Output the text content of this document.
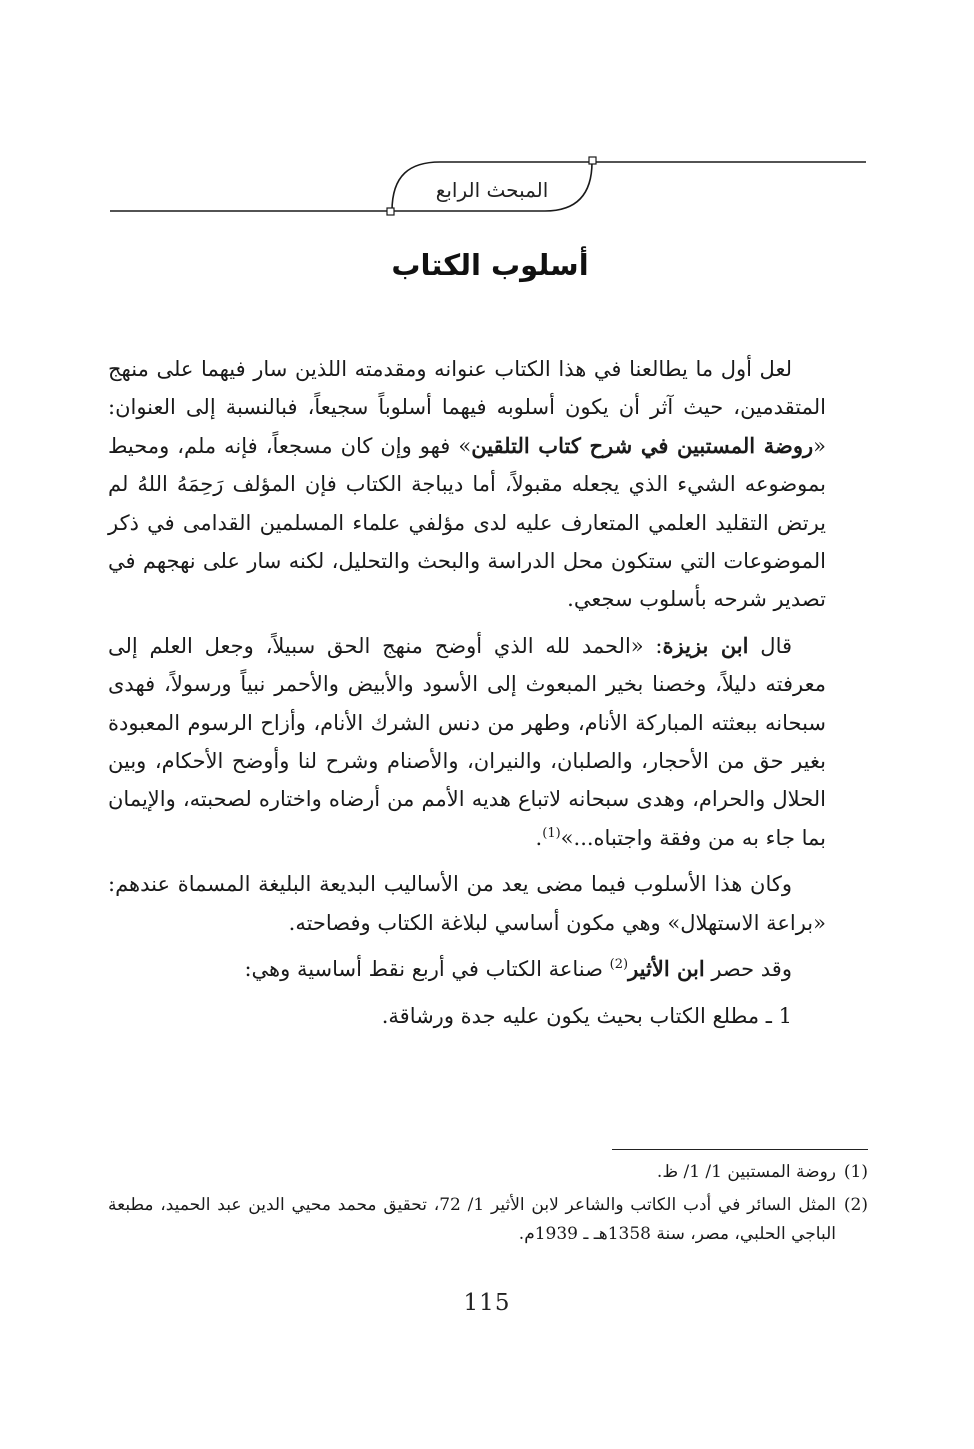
المبحث الرابع
أسلوب الكتاب

لعل أول ما يطالعنا في هذا الكتاب عنوانه ومقدمته اللذين سار فيهما على منهج المتقدمين، حيث آثر أن يكون أسلوبه فيهما أسلوباً سجيعاً، فبالنسبة إلى العنوان: «روضة المستبين في شرح كتاب التلقين» فهو وإن كان مسجعاً، فإنه ملم، ومحيط بموضوعه الشيء الذي يجعله مقبولاً، أما ديباجة الكتاب فإن المؤلف رَحِمَهُ اللهُ لم يرتض التقليد العلمي المتعارف عليه لدى مؤلفي علماء المسلمين القدامى في ذكر الموضوعات التي ستكون محل الدراسة والبحث والتحليل، لكنه سار على نهجهم في تصدير شرحه بأسلوب سجعي.

قال ابن بزيزة: «الحمد لله الذي أوضح منهج الحق سبيلاً، وجعل العلم إلى معرفته دليلاً، وخصنا بخير المبعوث إلى الأسود والأبيض والأحمر نبياً ورسولاً، فهدى سبحانه ببعثته المباركة الأنام، وطهر من دنس الشرك الأنام، وأزاح الرسوم المعبودة بغير حق من الأحجار، والصلبان، والنيران، والأصنام وشرح لنا وأوضح الأحكام، وبين الحلال والحرام، وهدى سبحانه لاتباع هديه الأمم من أرضاه واختاره لصحبته، والإيمان بما جاء به من وفقة واجتباه...»$^{(1)}$.

وكان هذا الأسلوب فيما مضى يعد من الأساليب البديعة البليغة المسماة عندهم: «براعة الاستهلال» وهي مكون أساسي لبلاغة الكتاب وفصاحته.

وقد حصر ابن الأثير$^{(2)}$ صناعة الكتاب في أربع نقط أساسية وهي:

1 ـ مطلع الكتاب بحيث يكون عليه جدة ورشاقة.

(1)
روضة المستبين 1/ 1/ ظ.
(2)
المثل السائر في أدب الكاتب والشاعر لابن الأثير 1/ 72، تحقيق محمد محيي الدين عبد الحميد، مطبعة الباجي الحلبي، مصر، سنة 1358هـ ـ 1939م.
115
